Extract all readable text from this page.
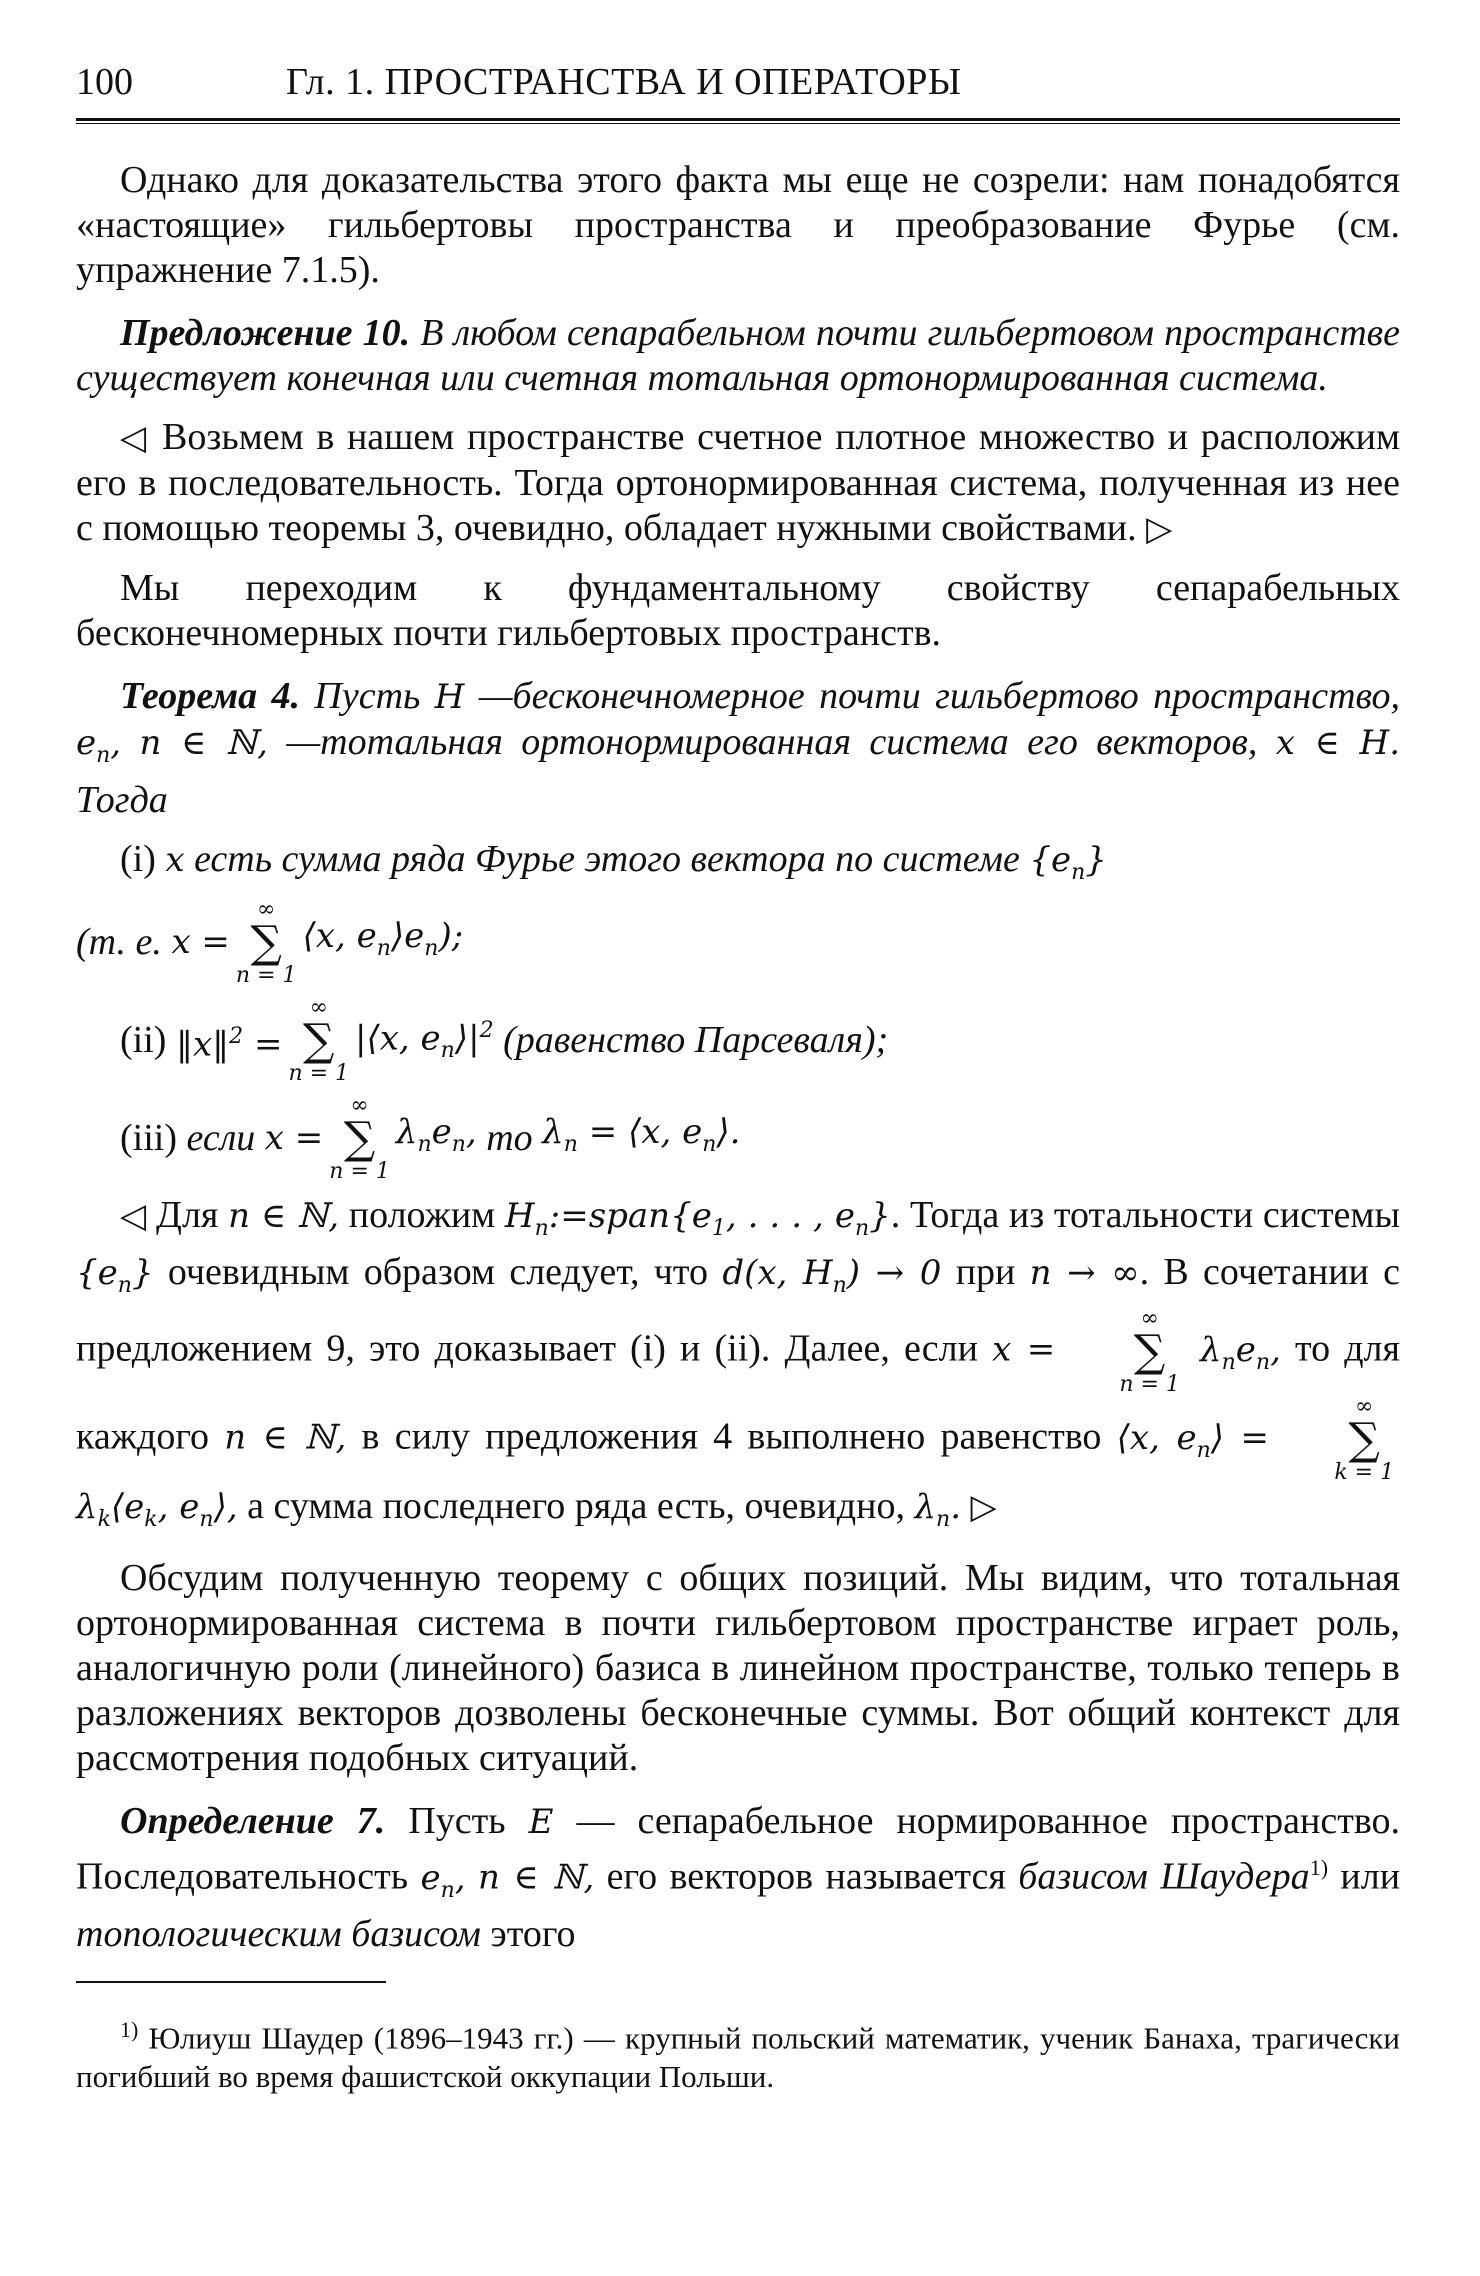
100	Гл. 1. ПРОСТРАНСТВА И ОПЕРАТОРЫ

Однако для доказательства этого факта мы еще не созрели: нам понадобятся «настоящие» гильбертовы пространства и преобразование Фурье (см. упражнение 7.1.5).

Предложение 10. В любом сепарабельном почти гильбертовом пространстве существует конечная или счетная тотальная ортонормированная система.

◁ Возьмем в нашем пространстве счетное плотное множество и расположим его в последовательность. Тогда ортонормированная система, полученная из нее с помощью теоремы 3, очевидно, обладает нужными свойствами. ▷

Мы переходим к фундаментальному свойству сепарабельных бесконечномерных почти гильбертовых пространств.

Теорема 4. Пусть H —бесконечномерное почти гильбертово пространство, $e_n$, n ∈ ℕ, —тотальная ортонормированная система его векторов, x ∈ H. Тогда

(i) x есть сумма ряда Фурье этого вектора по системе $\{e_n\}$

(т. е.
x =
∞
∑
n = 1
⟨x, $e_n⟩e_n$);
(ii)
‖x‖$^2$ =
∞
∑
n = 1
|⟨x, $e_n⟩|^2$
(равенство Парсеваля);
(iii)
если
x =
∞
∑
n = 1
$\lambda_ne_n$,
то
$\lambda_n$ = ⟨x, $e_n⟩$.

◁ Для n ∈ ℕ, положим $H_n:=span\{e_1$, . . . , $e_n$}. Тогда из тотальности системы $\{e_n\}$ очевидным образом следует, что d(x, $H_n) \to 0$ при n → ∞. В сочетании с предложением 9, это доказывает (i) и (ii). Далее, если x =
∞
∑
n = 1
$\lambda_ne_n$, то для каждого n ∈ ℕ, в силу предложения 4 выполнено равенство ⟨x, $e_n⟩$ =
∞
∑
k = 1
$\lambda_k⟨e_k$, $e_n⟩$, а сумма последнего ряда есть, очевидно, $\lambda_n$. ▷

Обсудим полученную теорему с общих позиций. Мы видим, что тотальная ортонормированная система в почти гильбертовом пространстве играет роль, аналогичную роли (линейного) базиса в линейном пространстве, только теперь в разложениях векторов дозволены бесконечные суммы. Вот общий контекст для рассмотрения подобных ситуаций.

Определение 7. Пусть E — сепарабельное нормированное пространство. Последовательность $e_n$, n ∈ ℕ, его векторов называется базисом Шаудера$^{1)}$ или топологическим базисом этого

$^{1)}$ Юлиуш Шаудер (1896–1943 гг.) — крупный польский математик, ученик Банаха, трагически погибший во время фашистской оккупации Польши.
